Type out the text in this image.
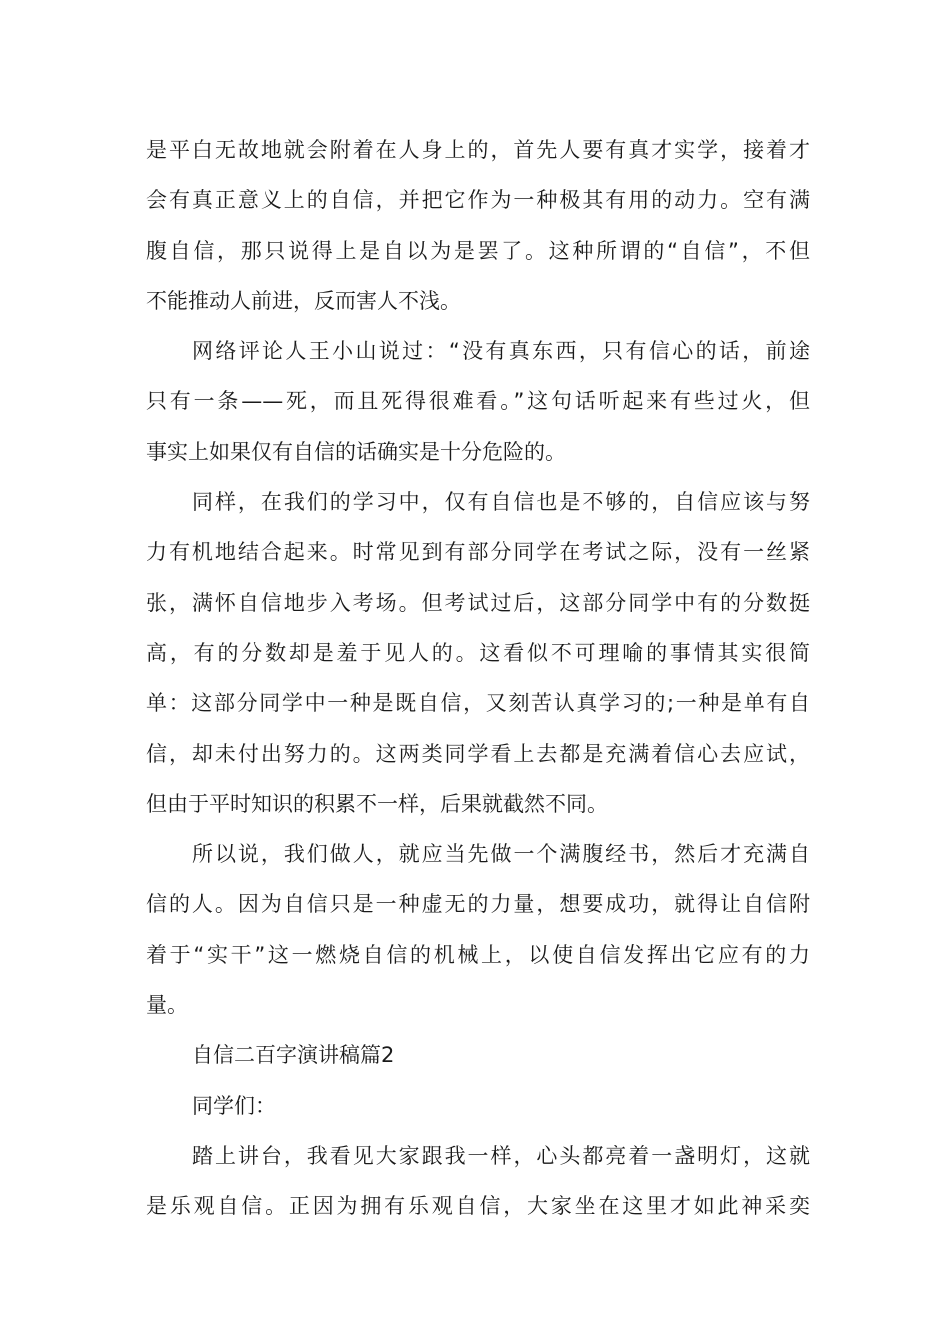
是平白无故地就会附着在人身上的，首先人要有真才实学，接着才
会有真正意义上的自信，并把它作为一种极其有用的动力。空有满
腹自信，那只说得上是自以为是罢了。这种所谓的“自信”，不但
不能推动人前进，反而害人不浅。
网络评论人王小山说过：“没有真东西，只有信心的话，前途
只有一条——死，而且死得很难看。”这句话听起来有些过火，但
事实上如果仅有自信的话确实是十分危险的。
同样，在我们的学习中，仅有自信也是不够的，自信应该与努
力有机地结合起来。时常见到有部分同学在考试之际，没有一丝紧
张，满怀自信地步入考场。但考试过后，这部分同学中有的分数挺
高，有的分数却是羞于见人的。这看似不可理喻的事情其实很简
单：这部分同学中一种是既自信，又刻苦认真学习的;一种是单有自
信，却未付出努力的。这两类同学看上去都是充满着信心去应试，
但由于平时知识的积累不一样，后果就截然不同。
所以说，我们做人，就应当先做一个满腹经书，然后才充满自
信的人。因为自信只是一种虚无的力量，想要成功，就得让自信附
着于“实干”这一燃烧自信的机械上，以使自信发挥出它应有的力
量。
自信二百字演讲稿篇2
同学们：
踏上讲台，我看见大家跟我一样，心头都亮着一盏明灯，这就
是乐观自信。正因为拥有乐观自信，大家坐在这里才如此神采奕
